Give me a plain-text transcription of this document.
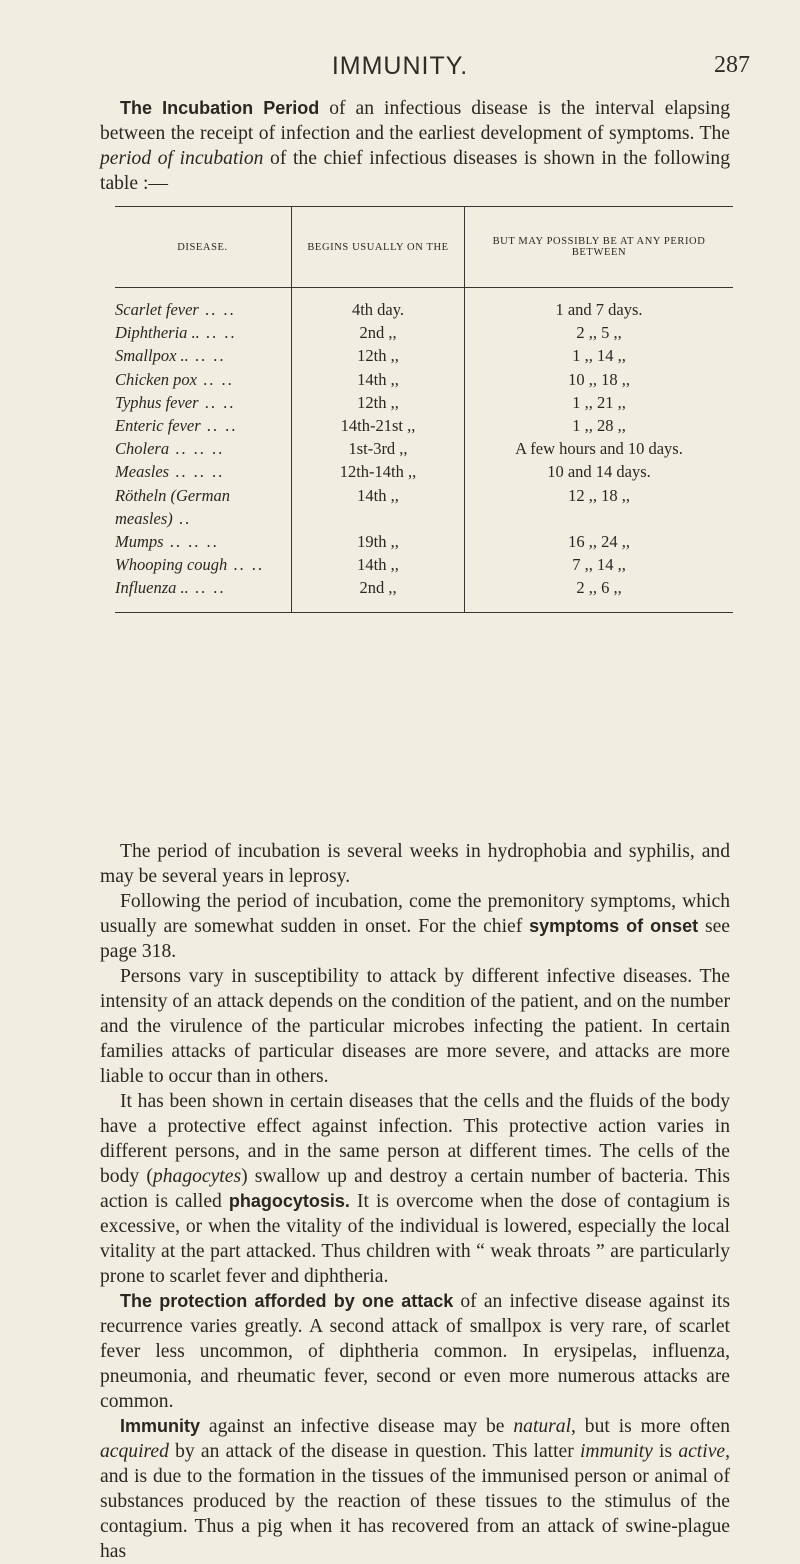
IMMUNITY.	287

The Incubation Period of an infectious disease is the interval elapsing between the receipt of infection and the earliest development of symptoms. The period of incubation of the chief infectious diseases is shown in the following table :—

DISEASE.	BEGINS USUALLY ON THE	BUT MAY POSSIBLY BE AT ANY PERIOD BETWEEN
Scarlet fever .. ..	4th day.	1 and 7 days.
Diphtheria .. .. ..	2nd ,,	2 ,, 5 ,,
Smallpox .. .. ..	12th ,,	1 ,, 14 ,,
Chicken pox .. ..	14th ,,	10 ,, 18 ,,
Typhus fever .. ..	12th ,,	1 ,, 21 ,,
Enteric fever .. ..	14th-21st ,,	1 ,, 28 ,,
Cholera .. .. ..	1st-3rd ,,	A few hours and 10 days.
Measles .. .. ..	12th-14th ,,	10 and 14 days.
Rötheln (German measles) ..	14th ,,	12 ,, 18 ,,
Mumps .. .. ..	19th ,,	16 ,, 24 ,,
Whooping cough .. ..	14th ,,	7 ,, 14 ,,
Influenza .. .. ..	2nd ,,	2 ,, 6 ,,

The period of incubation is several weeks in hydrophobia and syphilis, and may be several years in leprosy.

Following the period of incubation, come the premonitory symptoms, which usually are somewhat sudden in onset. For the chief symptoms of onset see page 318.

Persons vary in susceptibility to attack by different infective diseases. The intensity of an attack depends on the condition of the patient, and on the number and the virulence of the particular microbes infecting the patient. In certain families attacks of particular diseases are more severe, and attacks are more liable to occur than in others.

It has been shown in certain diseases that the cells and the fluids of the body have a protective effect against infection. This protective action varies in different persons, and in the same person at different times. The cells of the body (phagocytes) swallow up and destroy a certain number of bacteria. This action is called phagocytosis. It is overcome when the dose of contagium is excessive, or when the vitality of the individual is lowered, especially the local vitality at the part attacked. Thus children with “ weak throats ” are particularly prone to scarlet fever and diphtheria.

The protection afforded by one attack of an infective disease against its recurrence varies greatly. A second attack of smallpox is very rare, of scarlet fever less uncommon, of diphtheria common. In erysipelas, influenza, pneumonia, and rheumatic fever, second or even more numerous attacks are common.

Immunity against an infective disease may be natural, but is more often acquired by an attack of the disease in question. This latter immunity is active, and is due to the formation in the tissues of the immunised person or animal of substances produced by the reaction of these tissues to the stimulus of the contagium. Thus a pig when it has recovered from an attack of swine-plague has
